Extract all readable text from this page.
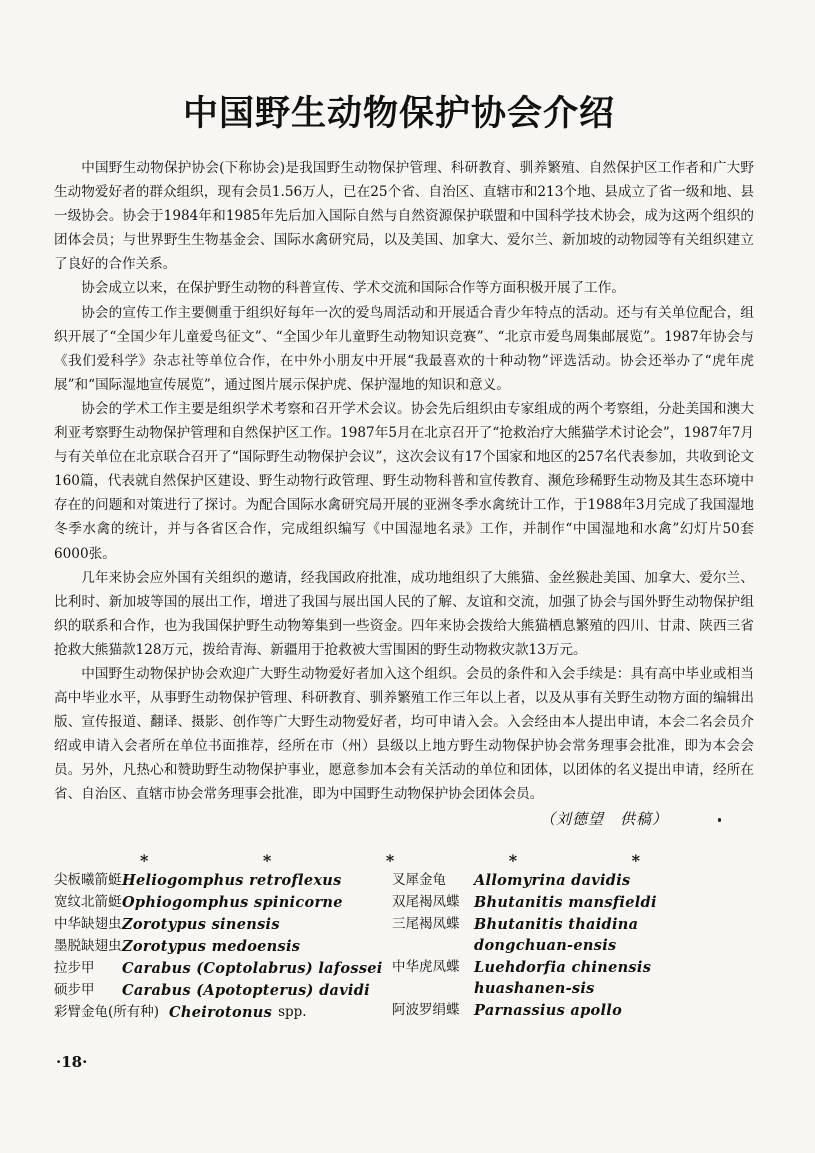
中国野生动物保护协会介绍

中国野生动物保护协会(下称协会)是我国野生动物保护管理、科研教育、驯养繁殖、自然保护区工作者和广大野生动物爱好者的群众组织，现有会员1.56万人，已在25个省、自治区、直辖市和213个地、县成立了省一级和地、县一级协会。协会于1984年和1985年先后加入国际自然与自然资源保护联盟和中国科学技术协会，成为这两个组织的团体会员；与世界野生生物基金会、国际水禽研究局，以及美国、加拿大、爱尔兰、新加坡的动物园等有关组织建立了良好的合作关系。

协会成立以来，在保护野生动物的科普宣传、学术交流和国际合作等方面积极开展了工作。

协会的宣传工作主要侧重于组织好每年一次的爱鸟周活动和开展适合青少年特点的活动。还与有关单位配合，组织开展了“全国少年儿童爱鸟征文”、“全国少年儿童野生动物知识竞赛”、“北京市爱鸟周集邮展览”。1987年协会与《我们爱科学》杂志社等单位合作，在中外小朋友中开展“我最喜欢的十种动物”评选活动。协会还举办了“虎年虎展”和“国际湿地宣传展览”，通过图片展示保护虎、保护湿地的知识和意义。

协会的学术工作主要是组织学术考察和召开学术会议。协会先后组织由专家组成的两个考察组，分赴美国和澳大利亚考察野生动物保护管理和自然保护区工作。1987年5月在北京召开了“抢救治疗大熊猫学术讨论会”，1987年7月与有关单位在北京联合召开了“国际野生动物保护会议”，这次会议有17个国家和地区的257名代表参加，共收到论文160篇，代表就自然保护区建设、野生动物行政管理、野生动物科普和宣传教育、濒危珍稀野生动物及其生态环境中存在的问题和对策进行了探讨。为配合国际水禽研究局开展的亚洲冬季水禽统计工作，于1988年3月完成了我国湿地冬季水禽的统计，并与各省区合作，完成组织编写《中国湿地名录》工作，并制作“中国湿地和水禽”幻灯片50套6000张。

几年来协会应外国有关组织的邀请，经我国政府批准，成功地组织了大熊猫、金丝猴赴美国、加拿大、爱尔兰、比利时、新加坡等国的展出工作，增进了我国与展出国人民的了解、友谊和交流，加强了协会与国外野生动物保护组织的联系和合作，也为我国保护野生动物筹集到一些资金。四年来协会拨给大熊猫栖息繁殖的四川、甘肃、陕西三省抢救大熊猫款128万元，拨给青海、新疆用于抢救被大雪围困的野生动物救灾款13万元。

中国野生动物保护协会欢迎广大野生动物爱好者加入这个组织。会员的条件和入会手续是：具有高中毕业或相当高中毕业水平，从事野生动物保护管理、科研教育、驯养繁殖工作三年以上者，以及从事有关野生动物方面的编辑出版、宣传报道、翻译、摄影、创作等广大野生动物爱好者，均可申请入会。入会经由本人提出申请，本会二名会员介绍或申请入会者所在单位书面推荐，经所在市（州）县级以上地方野生动物保护协会常务理事会批准，即为本会会员。另外，凡热心和赞助野生动物保护事业，愿意参加本会有关活动的单位和团体，以团体的名义提出申请，经所在省、自治区、直辖市协会常务理事会批准，即为中国野生动物保护协会团体会员。

（刘德望　供稿）
*	*	*	*	*
尖板曦箭蜓 Heliogomphus retroflexus
宽纹北箭蜓 Ophiogomphus spinicorne
中华缺翅虫 Zorotypus sinensis
墨脱缺翅虫 Zorotypus medoensis
拉步甲	Carabus (Coptolabrus) lafossei
硕步甲	Carabus (Apotopterus) davidi
彩臂金龟(所有种) Cheirotonus spp.
叉犀金龟	Allomyrina davidis
双尾褐凤蝶	Bhutanitis mansfieldi
三尾褐凤蝶	Bhutanitis thaidina dongchuan-ensis
中华虎凤蝶	Luehdorfia chinensis huashanen-sis
阿波罗绢蝶	Parnassius apollo
·18·
